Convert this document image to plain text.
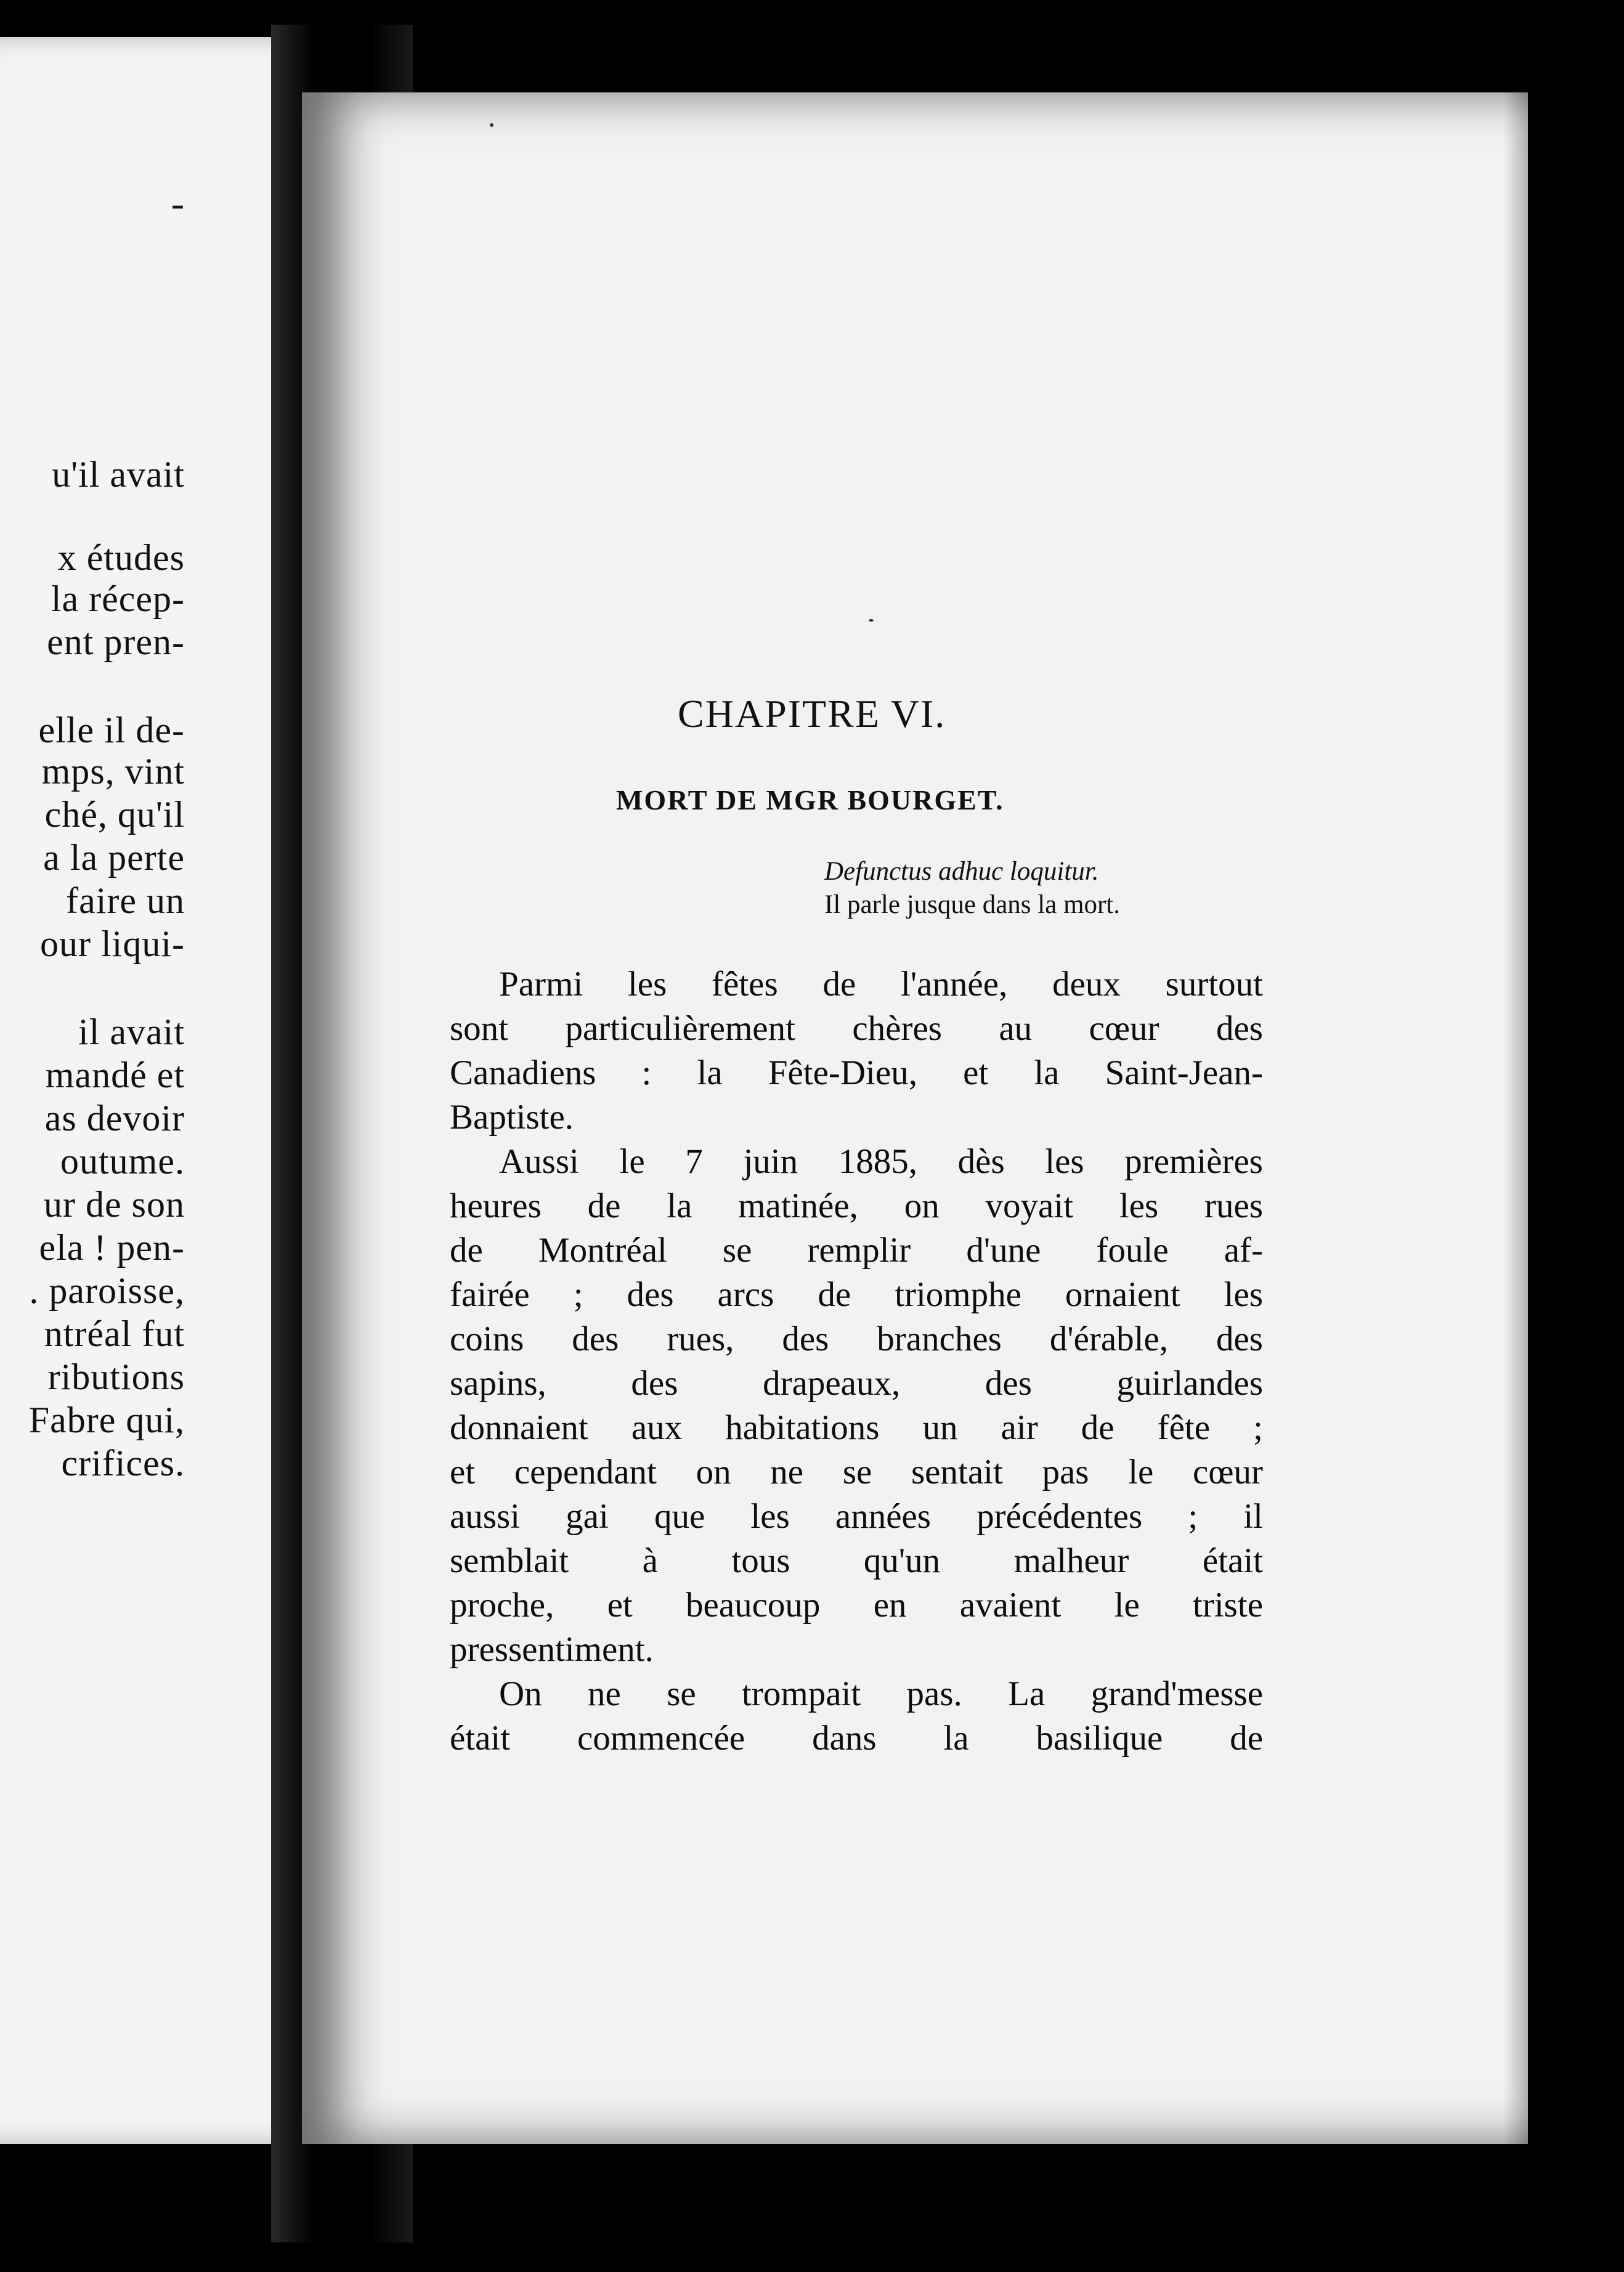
-
u'il avait
x études
la récep-
ent pren-
elle il de-
mps, vint
ché, qu'il
a la perte
faire un
our liqui-
il avait
mandé et
as devoir
outume.
ur de son
ela ! pen-
. paroisse,
ntréal fut
ributions
Fabre qui,
crifices.
CHAPITRE VI.
MORT DE MGR BOURGET.
Defunctus adhuc loquitur.
Il parle jusque dans la mort.
Parmi les fêtes de l'année, deux surtout
sont particulièrement chères au cœur des
Canadiens : la Fête-Dieu, et la Saint-Jean-
Baptiste.
Aussi le 7 juin 1885, dès les premières
heures de la matinée, on voyait les rues
de Montréal se remplir d'une foule af-
fairée ; des arcs de triomphe ornaient les
coins des rues, des branches d'érable, des
sapins, des drapeaux, des guirlandes
donnaient aux habitations un air de fête ;
et cependant on ne se sentait pas le cœur
aussi gai que les années précédentes ; il
semblait à tous qu'un malheur était
proche, et beaucoup en avaient le triste
pressentiment.
On ne se trompait pas. La grand'messe
était commencée dans la basilique de
